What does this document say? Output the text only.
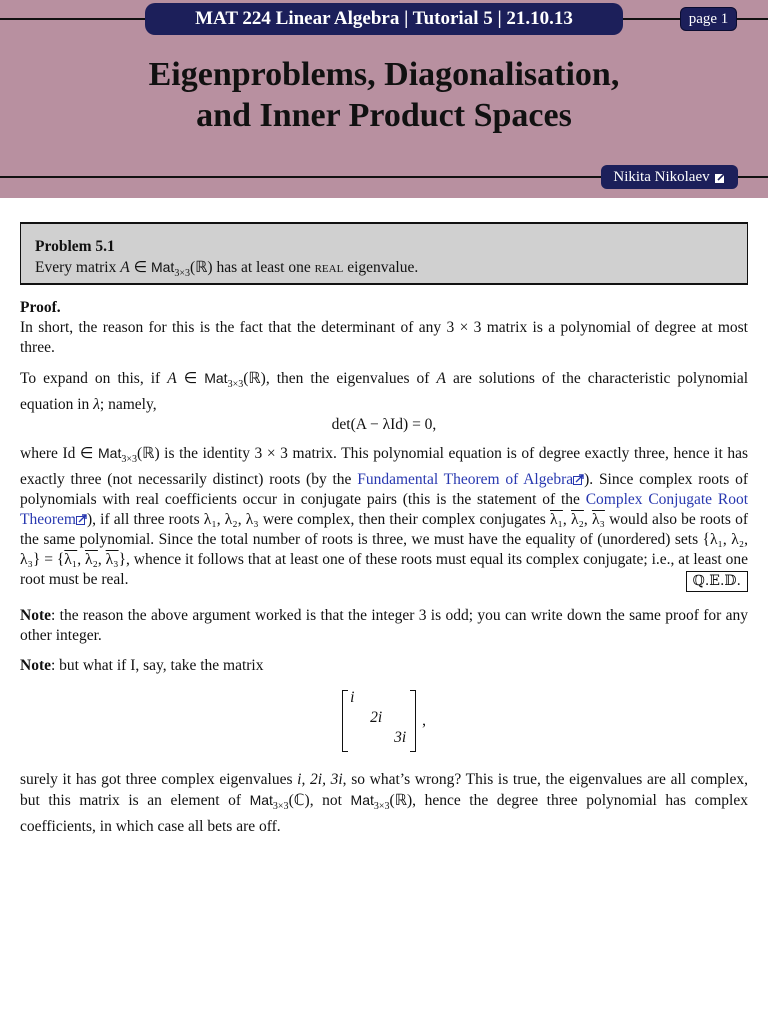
MAT 224 Linear Algebra | Tutorial 5 | 21.10.13	page 1
Eigenproblems, Diagonalisation,
and Inner Product Spaces
Nikita Nikolaev
Problem 5.1
Every matrix A ∈ Mat$_{3\times 3}$(ℝ) has at least one real eigenvalue.

Proof.
In short, the reason for this is the fact that the determinant of any 3 × 3 matrix is a polynomial of degree at most three.

To expand on this, if A ∈ Mat$_{3\times 3}$(ℝ), then the eigenvalues of A are solutions of the characteristic polynomial equation in λ; namely,

det(A − λId) = 0,

where Id ∈ Mat$_{3\times 3}$(ℝ) is the identity 3 × 3 matrix. This polynomial equation is of degree exactly three, hence it has exactly three (not necessarily distinct) roots (by the Fundamental Theorem of Algebra ). Since complex roots of polynomials with real coefficients occur in conjugate pairs (this is the statement of the Complex Conjugate Root Theorem ), if all three roots λ₁, λ₂, λ₃ were complex, then their complex conjugates λ₁, λ₂, λ₃ would also be roots of the same polynomial. Since the total number of roots is three, we must have the equality of (unordered) sets {λ₁, λ₂, λ₃} = {λ₁, λ₂, λ₃}, whence it follows that at least one of these roots must equal its complex conjugate; i.e., at least one root must be real.	ℚ.𝔼.𝔻.

Note: the reason the above argument worked is that the integer 3 is odd; you can write down the same proof for any other integer.

Note: but what if I, say, take the matrix

i
2i
3i
,

surely it has got three complex eigenvalues i, 2i, 3i, so what’s wrong? This is true, the eigenvalues are all complex, but this matrix is an element of Mat$_{3\times 3}$(ℂ), not Mat$_{3\times 3}$(ℝ), hence the degree three polynomial has complex coefficients, in which case all bets are off.
